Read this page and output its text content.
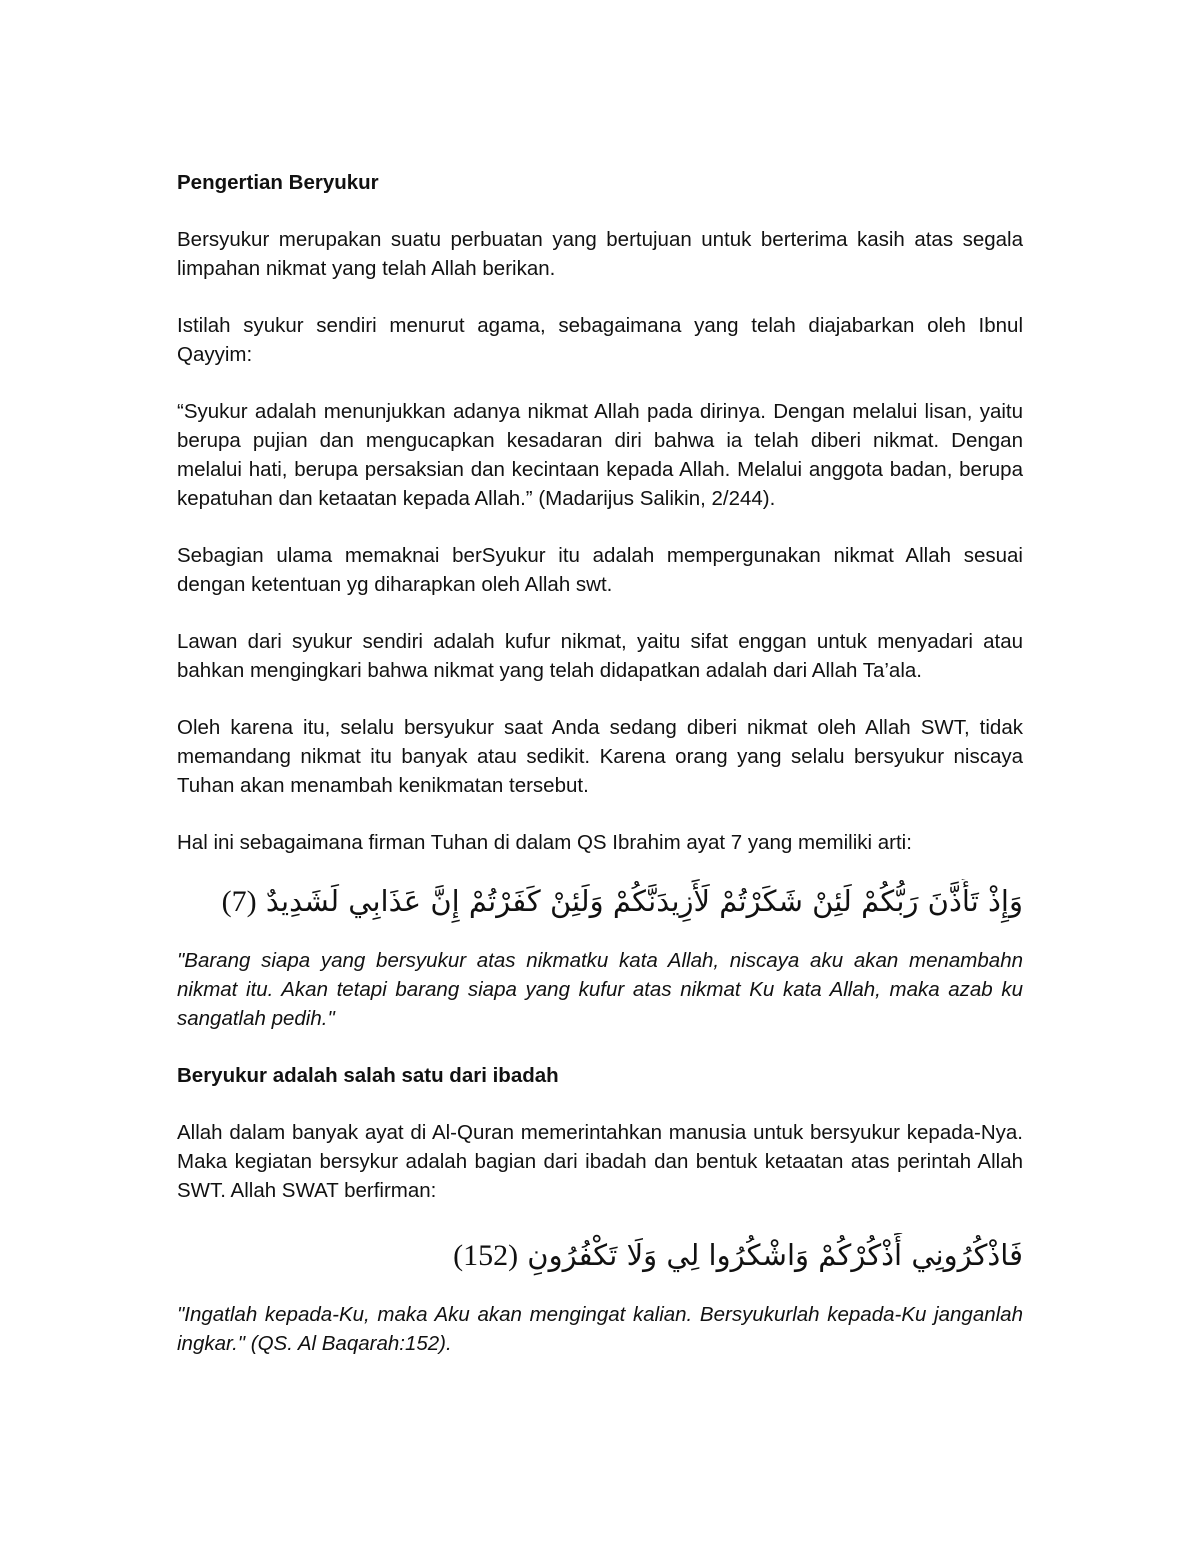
Pengertian Beryukur

Bersyukur merupakan suatu perbuatan yang bertujuan untuk berterima kasih atas segala limpahan nikmat yang telah Allah berikan.

Istilah syukur sendiri menurut agama, sebagaimana yang telah diajabarkan oleh Ibnul Qayyim:

“Syukur adalah menunjukkan adanya nikmat Allah pada dirinya. Dengan melalui lisan, yaitu berupa pujian dan mengucapkan kesadaran diri bahwa ia telah diberi nikmat. Dengan melalui hati, berupa persaksian dan kecintaan kepada Allah. Melalui anggota badan, berupa kepatuhan dan ketaatan kepada Allah.” (Madarijus Salikin, 2/244).

Sebagian ulama memaknai berSyukur itu adalah mempergunakan nikmat Allah sesuai dengan ketentuan yg diharapkan oleh Allah swt.

Lawan dari syukur sendiri adalah kufur nikmat, yaitu sifat enggan untuk menyadari atau bahkan mengingkari bahwa nikmat yang telah didapatkan adalah dari Allah Ta’ala.

Oleh karena itu, selalu bersyukur saat Anda sedang diberi nikmat oleh Allah SWT, tidak memandang nikmat itu banyak atau sedikit. Karena orang yang selalu bersyukur niscaya Tuhan akan menambah kenikmatan tersebut.

Hal ini sebagaimana firman Tuhan di dalam QS Ibrahim ayat 7 yang memiliki arti:

وَإِذْ تَأَذَّنَ رَبُّكُمْ لَئِنْ شَكَرْتُمْ لَأَزِيدَنَّكُمْ وَلَئِنْ كَفَرْتُمْ إِنَّ عَذَابِي لَشَدِيدٌ (7)

"Barang siapa yang bersyukur atas nikmatku kata Allah, niscaya aku akan menambahn nikmat itu. Akan tetapi barang siapa yang kufur atas nikmat Ku kata Allah, maka azab ku sangatlah pedih."

Beryukur adalah salah satu dari ibadah

Allah dalam banyak ayat di Al-Quran memerintahkan manusia untuk bersyukur kepada-Nya. Maka kegiatan bersykur adalah bagian dari ibadah dan bentuk ketaatan atas perintah Allah SWT. Allah SWAT berfirman:

فَاذْكُرُونِي أَذْكُرْكُمْ وَاشْكُرُوا لِي وَلَا تَكْفُرُونِ (152)

"Ingatlah kepada-Ku, maka Aku akan mengingat kalian. Bersyukurlah kepada-Ku janganlah ingkar." (QS. Al Baqarah:152).
